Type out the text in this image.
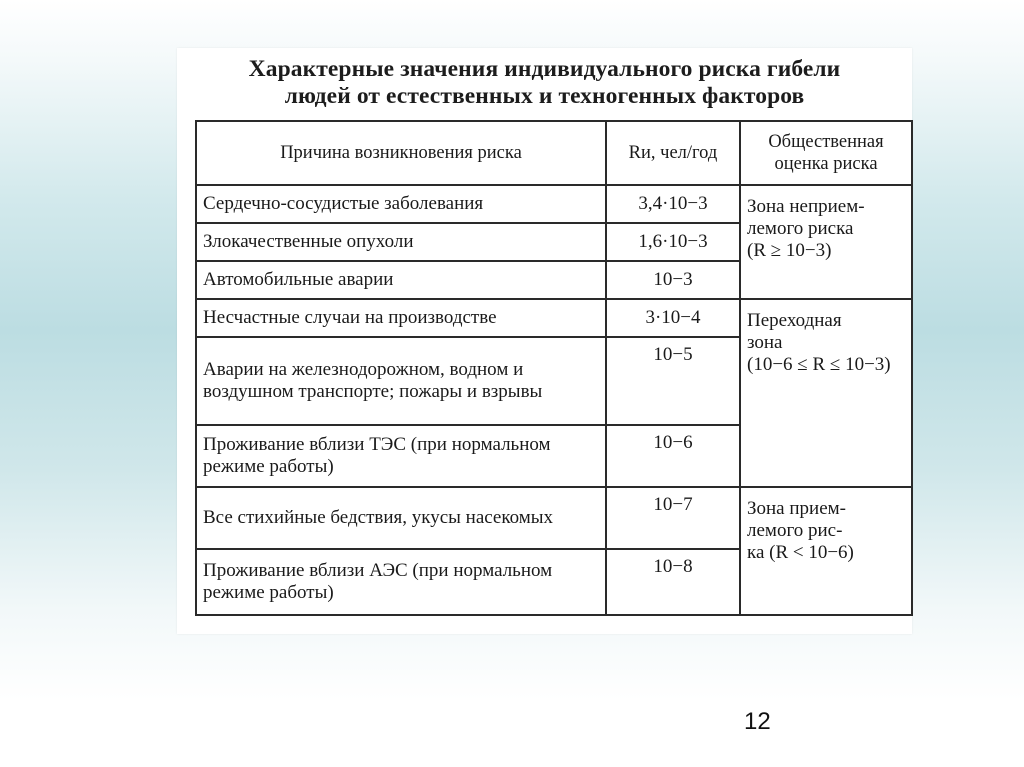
Характерные значения индивидуального риска гибели
людей от естественных и техногенных факторов
Причина возникновения риска	Rи, чел/год	Общественная
оценка риска

Сердечно-сосудистые заболевания	3,4·10−3	Зона неприем-
лемого риска
(R ≥ 10−3)

Злокачественные опухоли	1,6·10−3	
Автомобильные аварии	10−3	
Несчастные случаи на производстве	3·10−4	Переходная
зона
(10−6 ≤ R ≤ 10−3)

Аварии на железнодорожном, водном и воздушном транспорте; пожары и взрывы	10−5	
Проживание вблизи ТЭС (при нормальном режиме работы)	10−6	
Все стихийные бедствия, укусы насекомых	10−7	Зона прием-
лемого рис-
ка (R < 10−6)

Проживание вблизи АЭС (при нормальном режиме работы)	10−8	
12
